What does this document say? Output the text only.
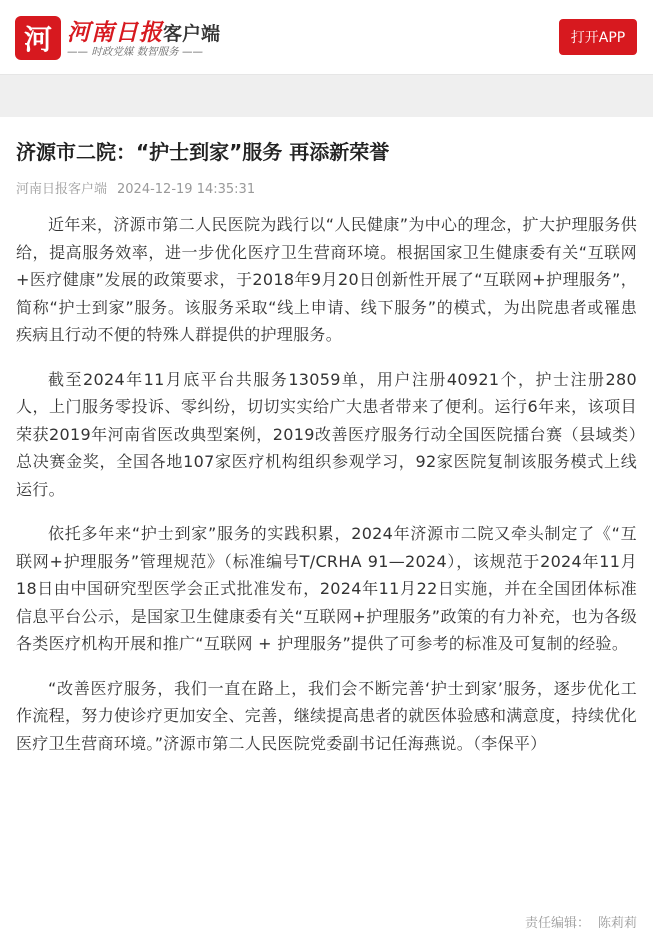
河 河南日报客户端
—— 时政党媒 数智服务 ——
打开APP
济源市二院：“护士到家”服务 再添新荣誉
河南日报客户端 2024-12-19 14:35:31

近年来，济源市第二人民医院为践行以“人民健康”为中心的理念，扩大护理服务供给，提高服务效率，进一步优化医疗卫生营商环境。根据国家卫生健康委有关“互联网+医疗健康”发展的政策要求，于2018年9月20日创新性开展了“互联网+护理服务”，简称“护士到家”服务。该服务采取“线上申请、线下服务”的模式，为出院患者或罹患疾病且行动不便的特殊人群提供的护理服务。

截至2024年11月底平台共服务13059单，用户注册40921个，护士注册280人，上门服务零投诉、零纠纷，切切实实给广大患者带来了便利。运行6年来，该项目荣获2019年河南省医改典型案例，2019改善医疗服务行动全国医院擂台赛（县域类）总决赛金奖，全国各地107家医疗机构组织参观学习，92家医院复制该服务模式上线运行。

依托多年来“护士到家”服务的实践积累，2024年济源市二院又牵头制定了《“互联网+护理服务”管理规范》（标准编号T/CRHA 91—2024），该规范于2024年11月18日由中国研究型医学会正式批准发布，2024年11月22日实施，并在全国团体标准信息平台公示，是国家卫生健康委有关“互联网+护理服务”政策的有力补充，也为各级各类医疗机构开展和推广“互联网 + 护理服务”提供了可参考的标准及可复制的经验。

“改善医疗服务，我们一直在路上，我们会不断完善‘护士到家’服务，逐步优化工作流程，努力使诊疗更加安全、完善，继续提高患者的就医体验感和满意度，持续优化医疗卫生营商环境。”济源市第二人民医院党委副书记任海燕说。（李保平）

责任编辑： 陈莉莉
